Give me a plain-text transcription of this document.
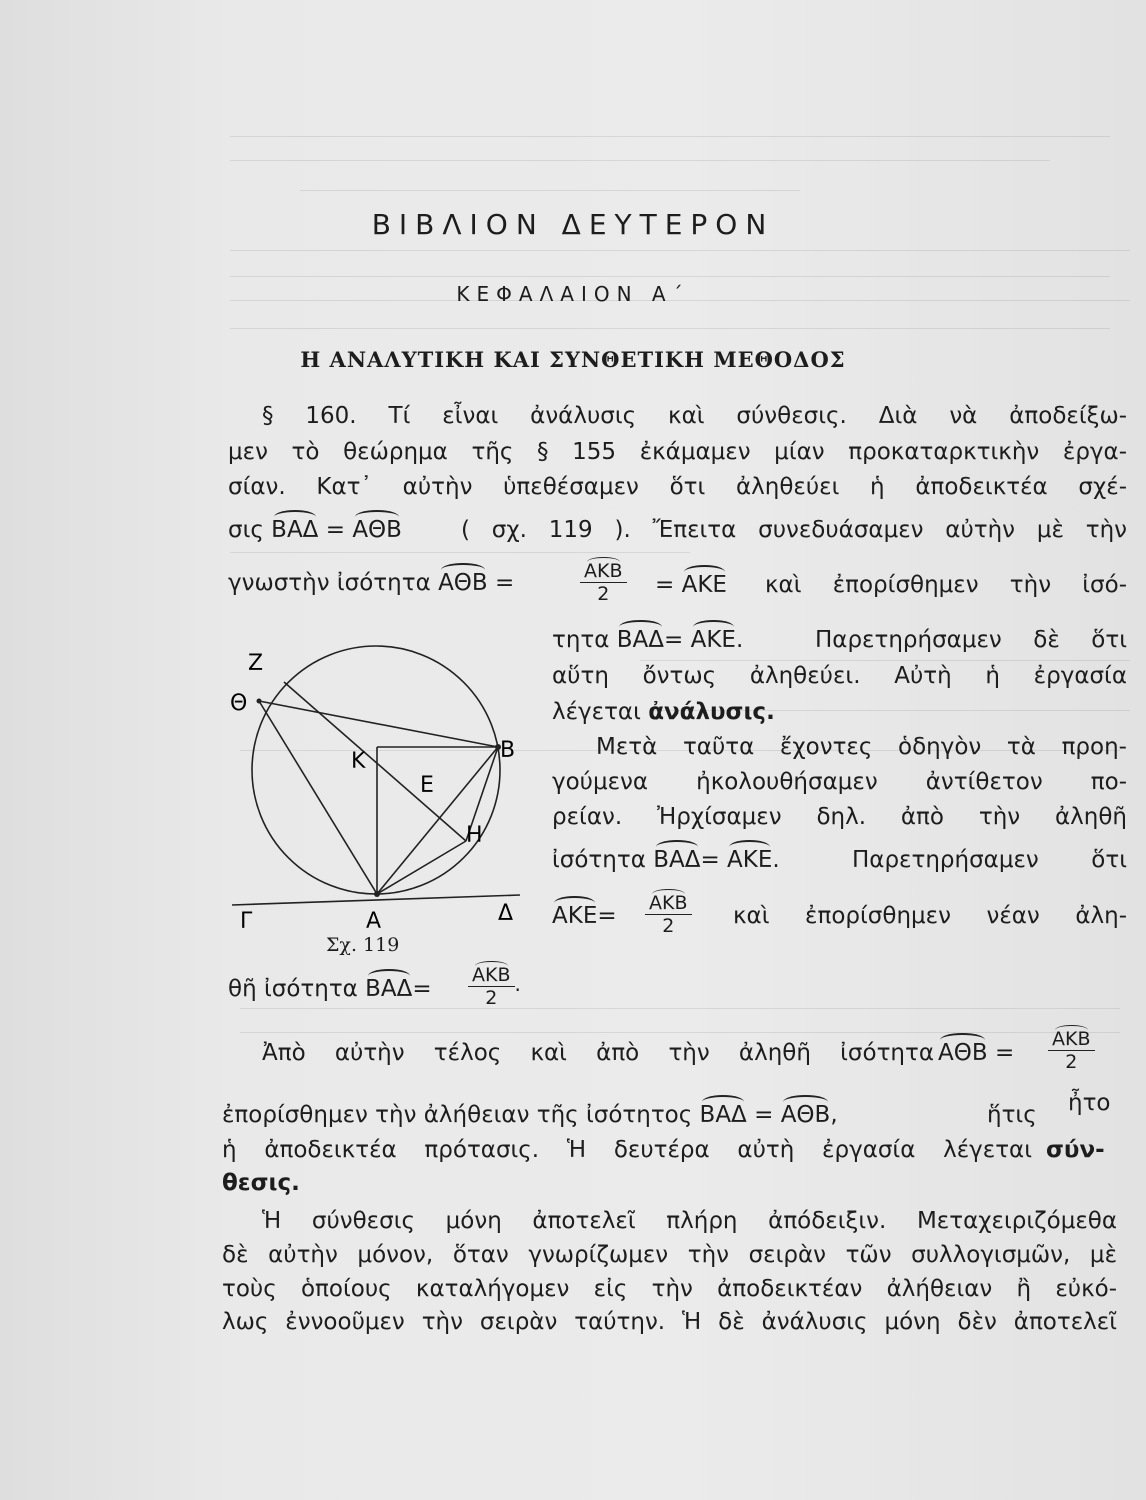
ΒΙΒΛΙΟΝ ΔΕΥΤΕΡΟΝ
ΚΕΦΑΛΑΙΟΝ Α΄
Η ΑΝΑΛΥΤΙΚΗ ΚΑΙ ΣΥΝΘΕΤΙΚΗ ΜΕΘΟΔΟΣ
§ 160. Τί εἶναι ἀνάλυσις καὶ σύνθεσις. Διὰ νὰ ἀποδείξω-
μεν τὸ θεώρημα τῆς § 155 ἐκάμαμεν μίαν προκαταρκτικὴν ἐργα-
σίαν. Κατ᾽ αὐτὴν ὑπεθέσαμεν ὅτι ἀληθεύει ἡ ἀποδεικτέα σχέ-
σις ΒΑΔ = ΑΘΒ	( σχ. 119 ). Ἔπειτα συνεδυάσαμεν αὐτὴν μὲ τὴν
γνωστὴν ἰσότητα ΑΘΒ =	$\frac{\text{ΑΚΒ}}{2} = AKE$ καὶ ἐπορίσθημεν τὴν ἰσό-
τητα ΒΑΔ= ΑΚΕ.	Παρετηρήσαμεν δὲ ὅτι
αὕτη ὄντως ἀληθεύει. Αὐτὴ ἡ ἐργασία
λέγεται ἀνάλυσις.
Μετὰ ταῦτα ἔχοντες ὁδηγὸν τὰ προη-
γούμενα ἠκολουθήσαμεν ἀντίθετον πο-
ρείαν. Ἠρχίσαμεν δηλ. ἀπὸ τὴν ἀληθῆ
ἰσότητα ΒΑΔ= ΑΚΕ.	Παρετηρήσαμεν ὅτι
$AKE= \frac{\text{ΑΚΒ}}{2}$ καὶ ἐπορίσθημεν νέαν ἀλη-
θῆ ἰσότητα $BA\Delta= \frac{\text{ΑΚΒ}}{2}$ .
Ἀπὸ αὐτὴν τέλος καὶ ἀπὸ τὴν ἀληθῆ ἰσότητα $A\Theta B = \frac{\text{ΑΚΒ}}{2}$
ἐπορίσθημεν τὴν ἀλήθειαν τῆς ἰσότητος ΒΑΔ = ΑΘΒ,	ἥτις ἦτο
ἡ ἀποδεικτέα πρότασις. Ἡ δευτέρα αὐτὴ ἐργασία λέγεται σύν-
θεσις.
Ἡ σύνθεσις μόνη ἀποτελεῖ πλήρη ἀπόδειξιν. Μεταχειριζόμεθα
δὲ αὐτὴν μόνον, ὅταν γνωρίζωμεν τὴν σειρὰν τῶν συλλογισμῶν, μὲ
τοὺς ὁποίους καταλήγομεν εἰς τὴν ἀποδεικτέαν ἀλήθειαν ἢ εὐκό-
λως ἐννοοῦμεν τὴν σειρὰν ταύτην. Ἡ δὲ ἀνάλυσις μόνη δὲν ἀποτελεῖ
Ζ
Θ
Κ
Ε
Β
Η
Γ	Α	Δ
Σχ. 119
